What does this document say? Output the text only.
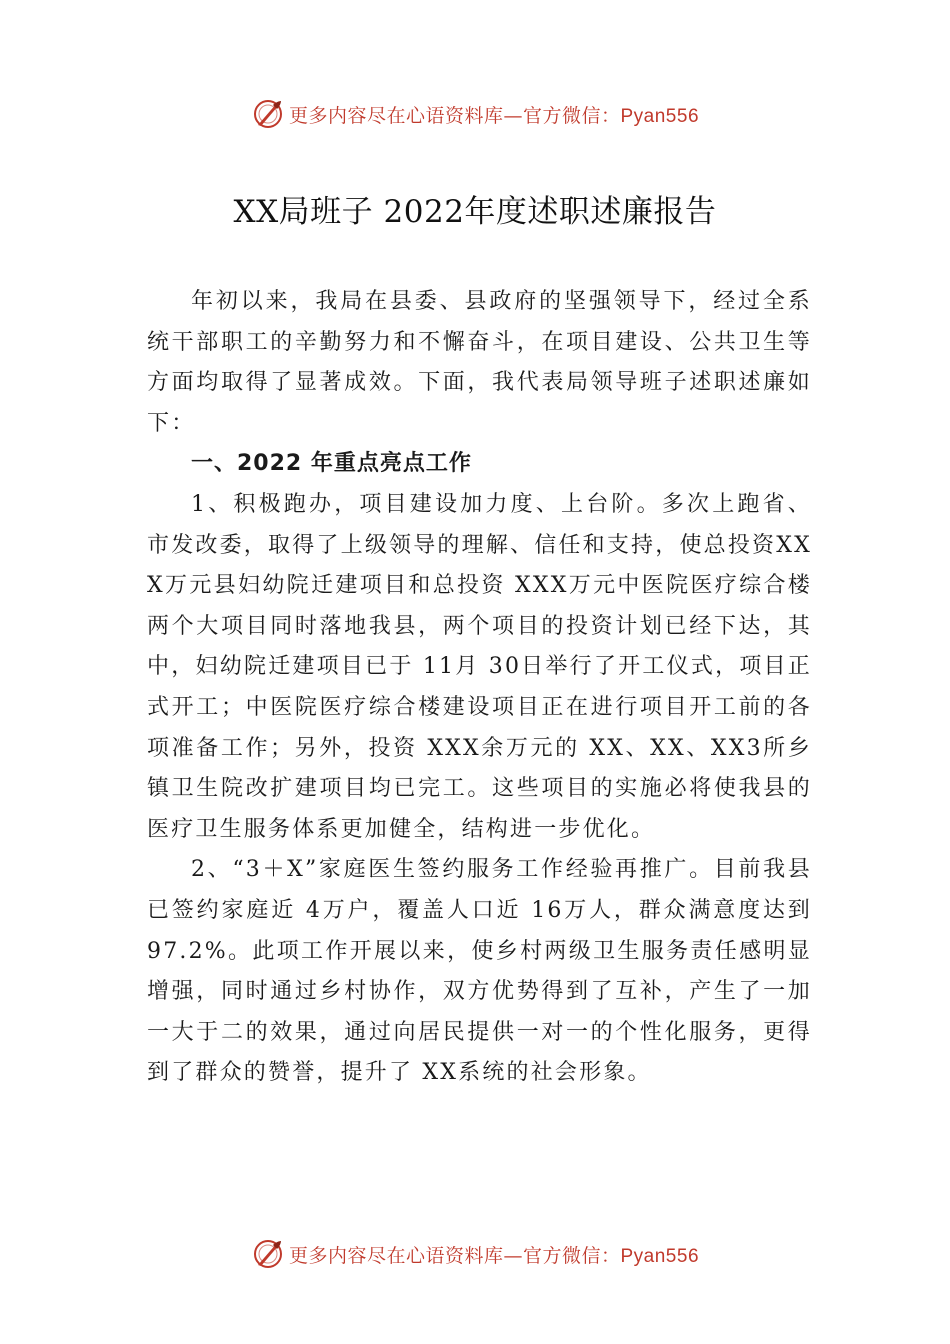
更多内容尽在心语资料库—官方微信：Pyan556
XX局班子 2022年度述职述廉报告

年初以来，我局在县委、县政府的坚强领导下，经过全系统干部职工的辛勤努力和不懈奋斗，在项目建设、公共卫生等方面均取得了显著成效。下面，我代表局领导班子述职述廉如下：

一、2022 年重点亮点工作

1、积极跑办，项目建设加力度、上台阶。多次上跑省、市发改委，取得了上级领导的理解、信任和支持，使总投资XXX万元县妇幼院迁建项目和总投资 XXX万元中医院医疗综合楼两个大项目同时落地我县，两个项目的投资计划已经下达，其中，妇幼院迁建项目已于 11月 30日举行了开工仪式，项目正式开工；中医院医疗综合楼建设项目正在进行项目开工前的各项准备工作；另外，投资 XXX余万元的 XX、XX、XX3所乡镇卫生院改扩建项目均已完工。这些项目的实施必将使我县的医疗卫生服务体系更加健全，结构进一步优化。

2、“3＋X”家庭医生签约服务工作经验再推广。目前我县已签约家庭近 4万户，覆盖人口近 16万人，群众满意度达到 97.2%。此项工作开展以来，使乡村两级卫生服务责任感明显增强，同时通过乡村协作，双方优势得到了互补，产生了一加一大于二的效果，通过向居民提供一对一的个性化服务，更得到了群众的赞誉，提升了 XX系统的社会形象。

更多内容尽在心语资料库—官方微信：Pyan556
